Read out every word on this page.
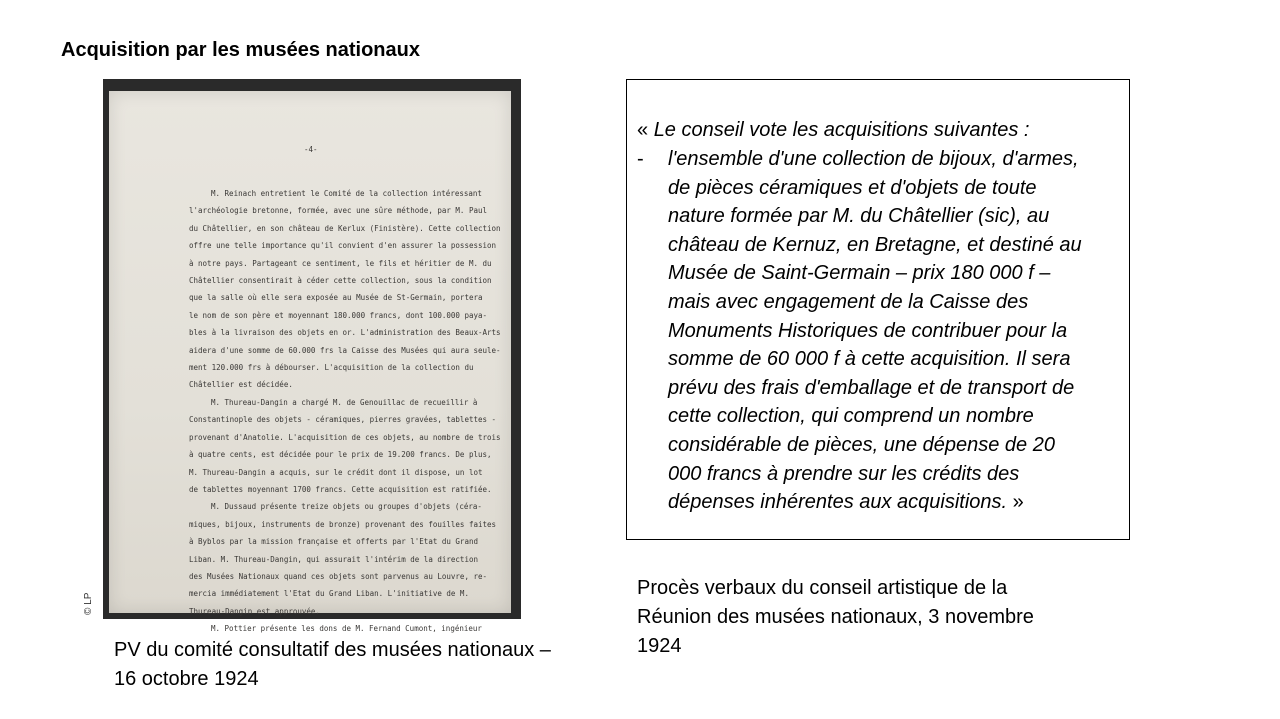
Acquisition par les musées nationaux
-4-
M. Reinach entretient le Comité de la collection intéressant
l'archéologie bretonne, formée, avec une sûre méthode, par M. Paul
du Châtellier, en son château de Kerlux (Finistère). Cette collection
offre une telle importance qu'il convient d'en assurer la possession
à notre pays. Partageant ce sentiment, le fils et héritier de M. du
Châtellier consentirait à céder cette collection, sous la condition
que la salle où elle sera exposée au Musée de St-Germain, portera
le nom de son père et moyennant 180.000 francs, dont 100.000 paya-
bles à la livraison des objets en or. L'administration des Beaux-Arts
aidera d'une somme de 60.000 frs la Caisse des Musées qui aura seule-
ment 120.000 frs à débourser. L'acquisition de la collection du
Châtellier est décidée.
M. Thureau-Dangin a chargé M. de Genouillac de recueillir à
Constantinople des objets - céramiques, pierres gravées, tablettes -
provenant d'Anatolie. L'acquisition de ces objets, au nombre de trois
à quatre cents, est décidée pour le prix de 19.200 francs. De plus,
M. Thureau-Dangin a acquis, sur le crédit dont il dispose, un lot
de tablettes moyennant 1700 francs. Cette acquisition est ratifiée.
M. Dussaud présente treize objets ou groupes d'objets (céra-
miques, bijoux, instruments de bronze) provenant des fouilles faites
à Byblos par la mission française et offerts par l'Etat du Grand
Liban. M. Thureau-Dangin, qui assurait l'intérim de la direction
des Musées Nationaux quand ces objets sont parvenus au Louvre, re-
mercia immédiatement l'Etat du Grand Liban. L'initiative de M.
Thureau-Dangin est approuvée.
M. Pottier présente les dons de M. Fernand Cumont, ingénieur
© LP

PV du comité consultatif des musées nationaux –
16 octobre 1924

« Le conseil vote les acquisitions suivantes :
- l'ensemble d'une collection de bijoux, d'armes,
de pièces céramiques et d'objets de toute
nature formée par M. du Châtellier (sic), au
château de Kernuz, en Bretagne, et destiné au
Musée de Saint-Germain – prix 180 000 f –
mais avec engagement de la Caisse des
Monuments Historiques de contribuer pour la
somme de 60 000 f à cette acquisition. Il sera
prévu des frais d'emballage et de transport de
cette collection, qui comprend un nombre
considérable de pièces, une dépense de 20
000 francs à prendre sur les crédits des
dépenses inhérentes aux acquisitions. »

Procès verbaux du conseil artistique de la
Réunion des musées nationaux, 3 novembre
1924
